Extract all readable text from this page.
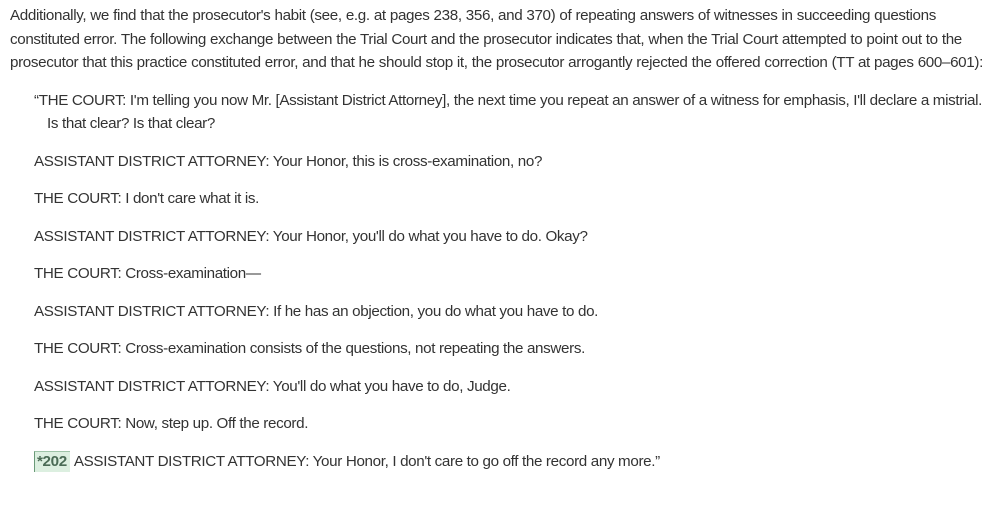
Additionally, we find that the prosecutor's habit (see, e.g. at pages 238, 356, and 370) of repeating answers of witnesses in succeeding questions constituted error. The following exchange between the Trial Court and the prosecutor indicates that, when the Trial Court attempted to point out to the prosecutor that this practice constituted error, and that he should stop it, the prosecutor arrogantly rejected the offered correction (TT at pages 600–601):

“THE COURT: I'm telling you now Mr. [Assistant District Attorney], the next time you repeat an answer of a witness for emphasis, I'll declare a mistrial. Is that clear? Is that clear?

ASSISTANT DISTRICT ATTORNEY: Your Honor, this is cross-examination, no?

THE COURT: I don't care what it is.

ASSISTANT DISTRICT ATTORNEY: Your Honor, you'll do what you have to do. Okay?

THE COURT: Cross-examination—

ASSISTANT DISTRICT ATTORNEY: If he has an objection, you do what you have to do.

THE COURT: Cross-examination consists of the questions, not repeating the answers.

ASSISTANT DISTRICT ATTORNEY: You'll do what you have to do, Judge.

THE COURT: Now, step up. Off the record.

*202 ASSISTANT DISTRICT ATTORNEY: Your Honor, I don't care to go off the record any more.”
